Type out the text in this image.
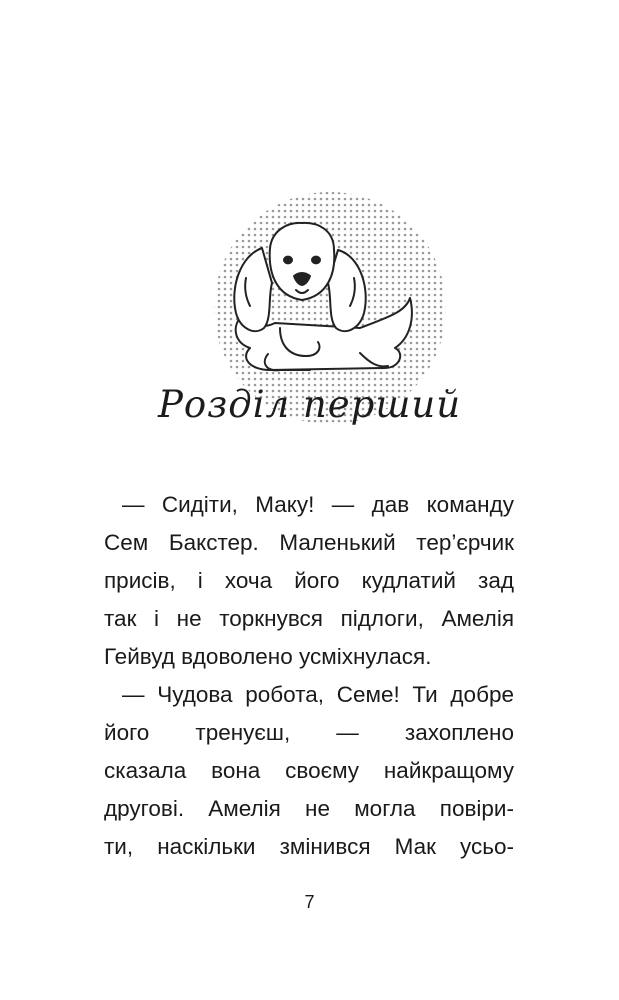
Розділ перший
— Сидіти, Маку! — дав команду
Сем Бакстер. Маленький тер’єрчик
присів, і хоча його кудлатий зад
так і не торкнувся підлоги, Амелія
Гейвуд вдоволено усміхнулася.
— Чудова робота, Семе! Ти добре
його тренуєш, — захоплено
сказала вона своєму найкращому
другові. Амелія не могла повіри-
ти, наскільки змінився Мак усьо-
7
